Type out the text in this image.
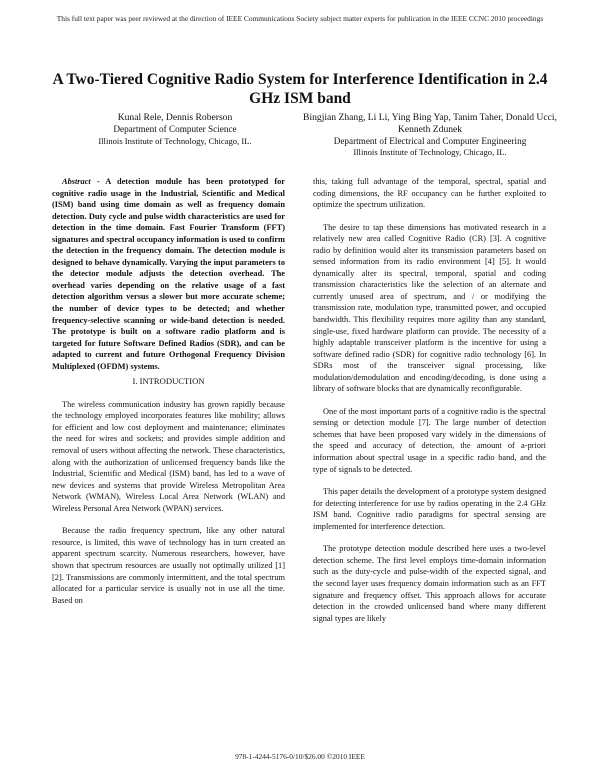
This full text paper was peer reviewed at the direction of IEEE Communications Society subject matter experts for publication in the IEEE CCNC 2010 proceedings
A Two-Tiered Cognitive Radio System for Interference Identification in 2.4 GHz ISM band
Kunal Rele, Dennis Roberson
Department of Computer Science
Illinois Institute of Technology, Chicago, IL.
Bingjian Zhang, Li Li, Ying Bing Yap, Tanim Taher, Donald Ucci, Kenneth Zdunek
Department of Electrical and Computer Engineering
Illinois Institute of Technology, Chicago, IL.

Abstract - A detection module has been prototyped for cognitive radio usage in the Industrial, Scientific and Medical (ISM) band using time domain as well as frequency domain detection. Duty cycle and pulse width characteristics are used for detection in the time domain. Fast Fourier Transform (FFT) signatures and spectral occupancy information is used to confirm the detection in the frequency domain. The detection module is designed to behave dynamically. Varying the input parameters to the detector module adjusts the detection overhead. The overhead varies depending on the relative usage of a fast detection algorithm versus a slower but more accurate scheme; the number of device types to be detected; and whether frequency-selective scanning or wide-band detection is needed. The prototype is built on a software radio platform and is targeted for future Software Defined Radios (SDR), and can be adapted to current and future Orthogonal Frequency Division Multiplexed (OFDM) systems.

I. INTRODUCTION

The wireless communication industry has grown rapidly because the technology employed incorporates features like mobility; allows for efficient and low cost deployment and maintenance; eliminates the need for wires and sockets; and provides simple addition and removal of users without affecting the network. These characteristics, along with the authorization of unlicensed frequency bands like the Industrial, Scientific and Medical (ISM) band, has led to a wave of new devices and systems that provide Wireless Metropolitan Area Network (WMAN), Wireless Local Area Network (WLAN) and Wireless Personal Area Network (WPAN) services.

Because the radio frequency spectrum, like any other natural resource, is limited, this wave of technology has in turn created an apparent spectrum scarcity. Numerous researchers, however, have shown that spectrum resources are usually not optimally utilized [1] [2]. Transmissions are commonly intermittent, and the total spectrum allocated for a particular service is usually not in use all the time. Based on

this, taking full advantage of the temporal, spectral, spatial and coding dimensions, the RF occupancy can be further exploited to optimize the spectrum utilization.

The desire to tap these dimensions has motivated research in a relatively new area called Cognitive Radio (CR) [3]. A cognitive radio by definition would alter its transmission parameters based on sensed information from its radio environment [4] [5]. It would dynamically alter its spectral, temporal, spatial and coding transmission characteristics like the selection of an alternate and currently unused area of spectrum, and / or modifying the transmission rate, modulation type, transmitted power, and occupied bandwidth. This flexibility requires more agility than any standard, single-use, fixed hardware platform can provide. The necessity of a highly adaptable transceiver platform is the incentive for using a software defined radio (SDR) for cognitive radio technology [6]. In SDRs most of the transceiver signal processing, like modulation/demodulation and encoding/decoding, is done using a library of software blocks that are dynamically reconfigurable.

One of the most important parts of a cognitive radio is the spectral sensing or detection module [7]. The large number of detection schemes that have been proposed vary widely in the dimensions of the speed and accuracy of detection, the amount of a-priori information about spectral usage in a specific radio band, and the type of signals to be detected.

This paper details the development of a prototype system designed for detecting interference for use by radios operating in the 2.4 GHz ISM band. Cognitive radio paradigms for spectral sensing are implemented for interference detection.

The prototype detection module described here uses a two-level detection scheme. The first level employs time-domain information such as the duty-cycle and pulse-width of the expected signal, and the second layer uses frequency domain information such as an FFT signature and frequency offset. This approach allows for accurate detection in the crowded unlicensed band where many different signal types are likely

978-1-4244-5176-0/10/$26.00 ©2010 IEEE
